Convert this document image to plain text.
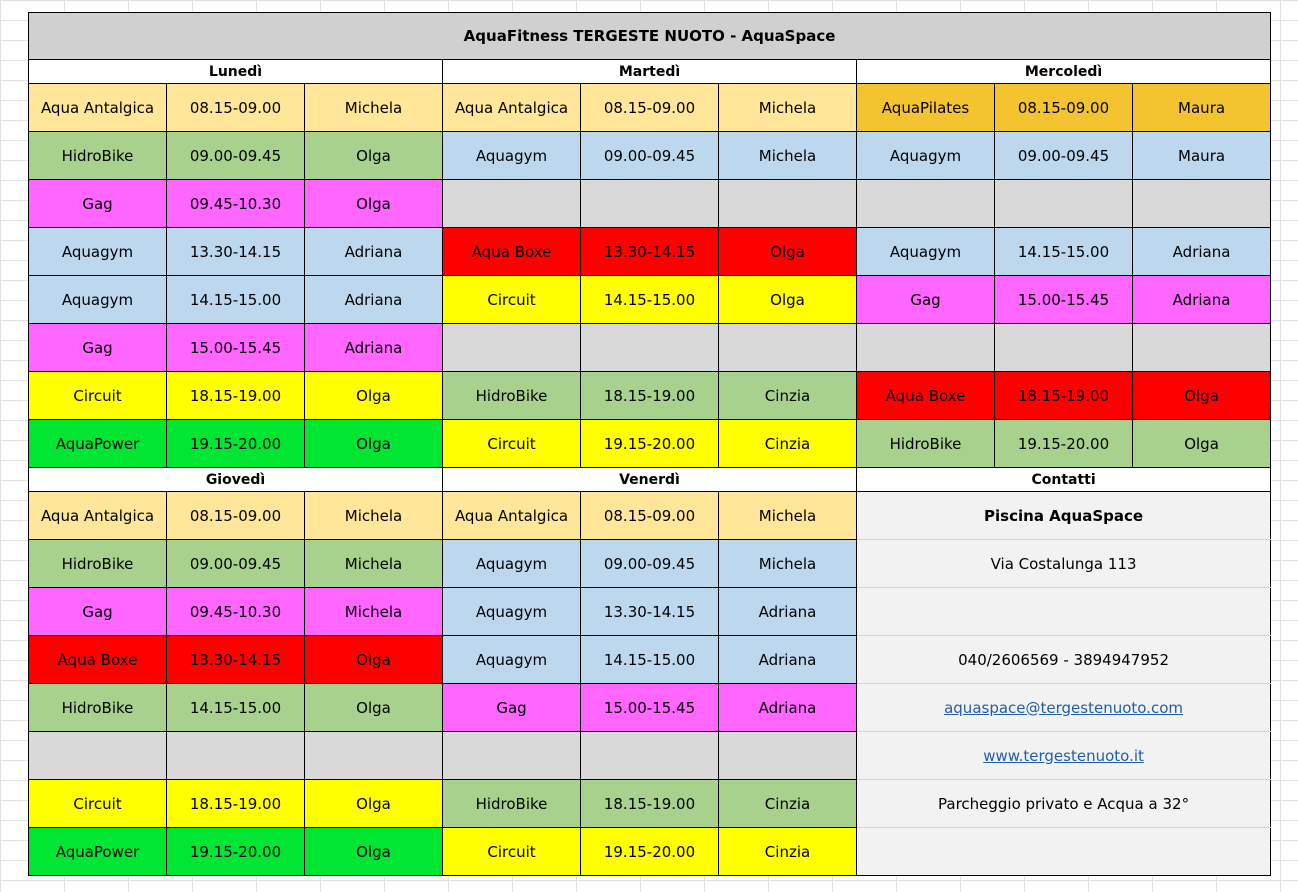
AquaFitness TERGESTE NUOTO - AquaSpace								
Lunedì			Martedì			Mercoledì		
Aqua Antalgica	08.15-09.00	Michela	Aqua Antalgica	08.15-09.00	Michela	AquaPilates	08.15-09.00	Maura
HidroBike	09.00-09.45	Olga	Aquagym	09.00-09.45	Michela	Aquagym	09.00-09.45	Maura
Gag	09.45-10.30	Olga						
Aquagym	13.30-14.15	Adriana	Aqua Boxe	13.30-14.15	Olga	Aquagym	14.15-15.00	Adriana
Aquagym	14.15-15.00	Adriana	Circuit	14.15-15.00	Olga	Gag	15.00-15.45	Adriana
Gag	15.00-15.45	Adriana						
Circuit	18.15-19.00	Olga	HidroBike	18.15-19.00	Cinzia	Aqua Boxe	18.15-19.00	Olga
AquaPower	19.15-20.00	Olga	Circuit	19.15-20.00	Cinzia	HidroBike	19.15-20.00	Olga
Giovedì			Venerdì			Contatti		
Aqua Antalgica	08.15-09.00	Michela	Aqua Antalgica	08.15-09.00	Michela	Piscina AquaSpace		
HidroBike	09.00-09.45	Michela	Aquagym	09.00-09.45	Michela	Via Costalunga 113		
Gag	09.45-10.30	Michela	Aquagym	13.30-14.15	Adriana			
Aqua Boxe	13.30-14.15	Olga	Aquagym	14.15-15.00	Adriana	040/2606569 - 3894947952		
HidroBike	14.15-15.00	Olga	Gag	15.00-15.45	Adriana	aquaspace@tergestenuoto.com		
						www.tergestenuoto.it		
Circuit	18.15-19.00	Olga	HidroBike	18.15-19.00	Cinzia	Parcheggio privato e Acqua a 32°		
AquaPower	19.15-20.00	Olga	Circuit	19.15-20.00	Cinzia			
